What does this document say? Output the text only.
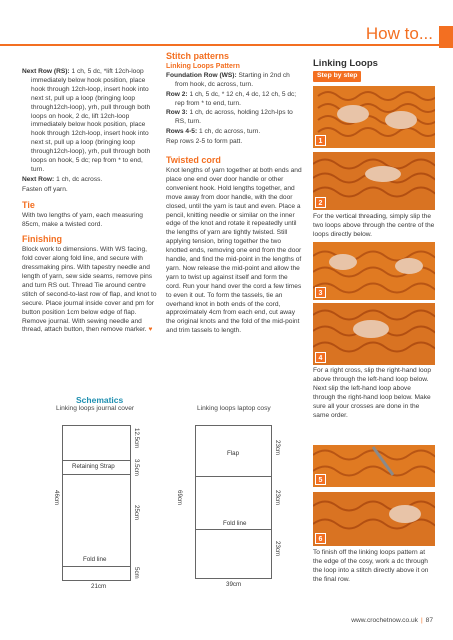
How to...
Next Row (RS): 1 ch, 5 dc, *lift 12ch-loop immediately below hook position, place hook through 12ch-loop, insert hook into next st, pull up a loop (bringing loop through12ch-loop), yrh, pull through both loops on hook, 2 dc, lift 12ch-loop immediately below hook position, place hook through 12ch-loop, insert hook into next st, pull up a loop (bringing loop through12ch-loop), yrh, pull through both loops on hook, 5 dc; rep from * to end, turn.
Next Row: 1 ch, dc across.
Fasten off yarn.
Tie
With two lengths of yarn, each measuring 85cm, make a twisted cord.
Finishing
Block work to dimensions. With WS facing, fold cover along fold line, and secure with dressmaking pins. With tapestry needle and length of yarn, sew side seams, remove pins and turn RS out. Thread Tie around centre stitch of second-to-last row of flap, and knot to secure. Place journal inside cover and pm for button position 1cm below edge of flap. Remove journal. With sewing needle and thread, attach button, then remove marker. ♥
Stitch patterns
Linking Loops Pattern
Foundation Row (WS): Starting in 2nd ch from hook, dc across, turn.
Row 2: 1 ch, 5 dc, * 12 ch, 4 dc, 12 ch, 5 dc; rep from * to end, turn.
Row 3: 1 ch, dc across, holding 12ch-lps to RS, turn.
Rows 4-5: 1 ch, dc across, turn.
Rep rows 2-5 to form patt.
Twisted cord
Knot lengths of yarn together at both ends and place one end over door handle or other convenient hook. Hold lengths together, and move away from door handle, with the door closed, until the yarn is taut and even. Place a pencil, knitting needle or similar on the inner edge of the knot and rotate it repeatedly until the lengths of yarn are tightly twisted. Still applying tension, bring together the two knotted ends, removing one end from the door handle, and find the mid-point in the lengths of yarn. Now release the mid-point and allow the yarn to twist up against itself and form the cord. Run your hand over the cord a few times to even it out. To form the tassels, tie an overhand knot in both ends of the cord, approximately 4cm from each end, cut away the original knots and the fold of the mid-point and trim tassels to length.
Linking Loops
Step by step
1
2
For the vertical threading, simply slip the two loops above through the centre of the loops directly below.
3
4
For a right cross, slip the right-hand loop above through the left-hand loop below. Next slip the left-hand loop above through the right-hand loop below. Make sure all your crosses are done in the same order.
5
6
To finish off the linking loops pattern at the edge of the cosy, work a dc through the loop into a stitch directly above it on the final row.
Schematics
Linking loops journal cover	Linking loops laptop cosy
Retaining Strap
Fold line
21cm
46cm
12.5cm
3.5cm
25cm
5cm
Flap
Fold line
39cm
69cm
23cm
23cm
23cm
www.crochetnow.co.uk | 87
